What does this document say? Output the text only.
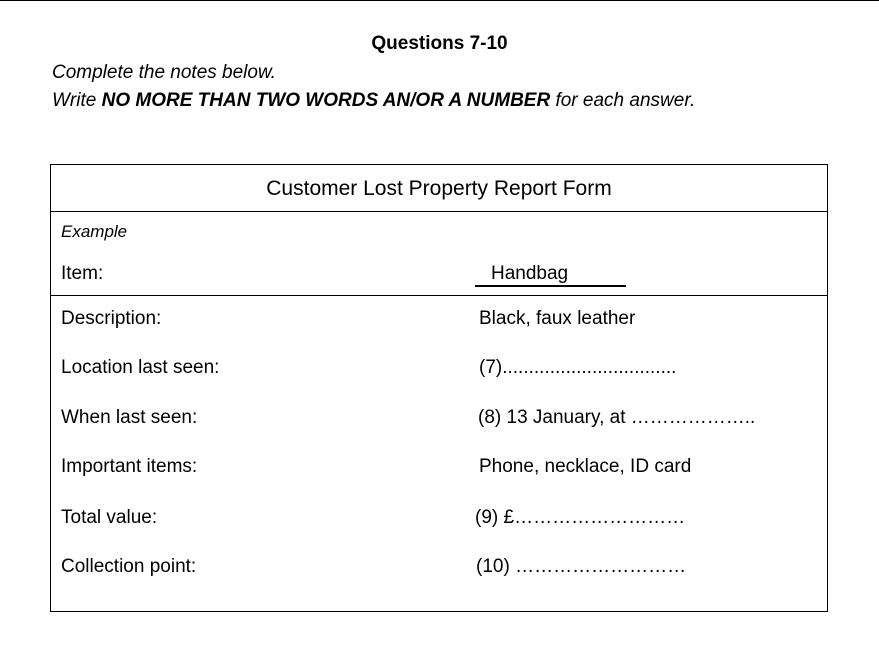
Questions 7-10
Complete the notes below.
Write NO MORE THAN TWO WORDS AN/OR A NUMBER for each answer.
Customer Lost Property Report Form
Example
Item:	Handbag
Description:	Black, faux leather
Location last seen:	(7).................................
When last seen:	(8) 13 January, at ………………..
Important items:	Phone, necklace, ID card
Total value:	(9) £………………………
Collection point:	(10) ………………………
